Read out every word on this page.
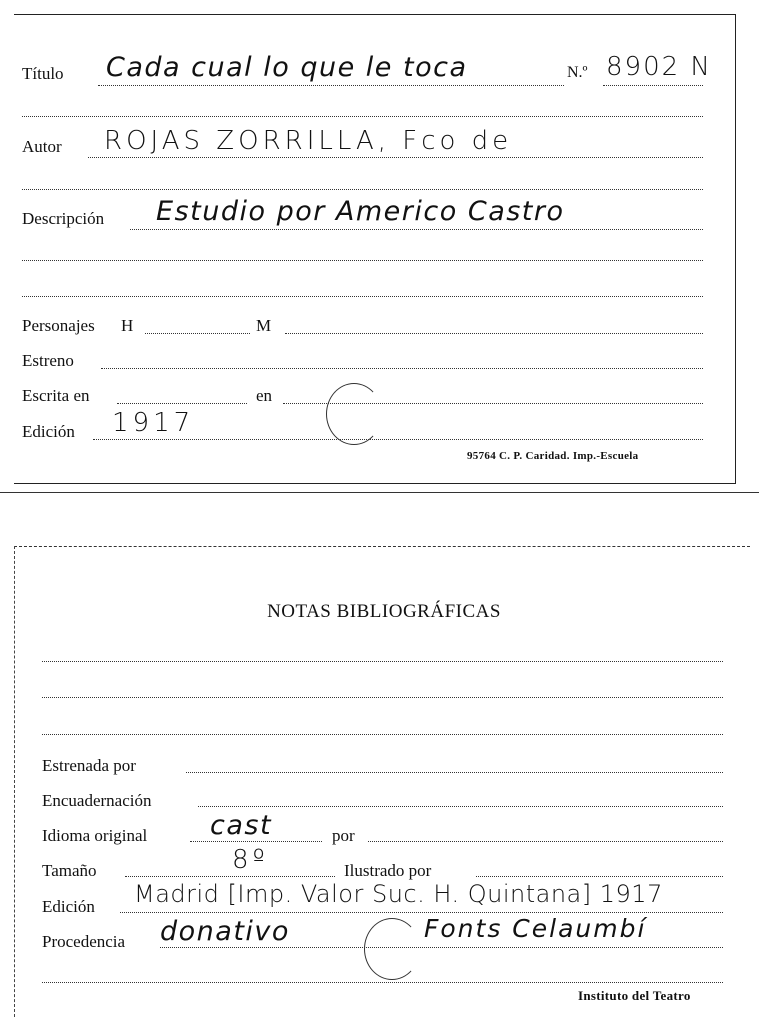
Título Cada cual lo que le toca	N.º 8902 N
Autor ROJAS ZORRILLA, Fco de
Descripción Estudio por Americo Castro
Personajes H	M
Estreno
Escrita en	en
Edición 1917
95764 C. P. Caridad. Imp.-Escuela
NOTAS BIBLIOGRÁFICAS
Estrenada por
Encuadernación
Idioma original cast	por
Tamaño	8º	Ilustrado por
Edición Madrid [Imp. Valor Suc. H. Quintana] 1917
Procedencia donativo	Fonts Celaumbí
Instituto del Teatro
